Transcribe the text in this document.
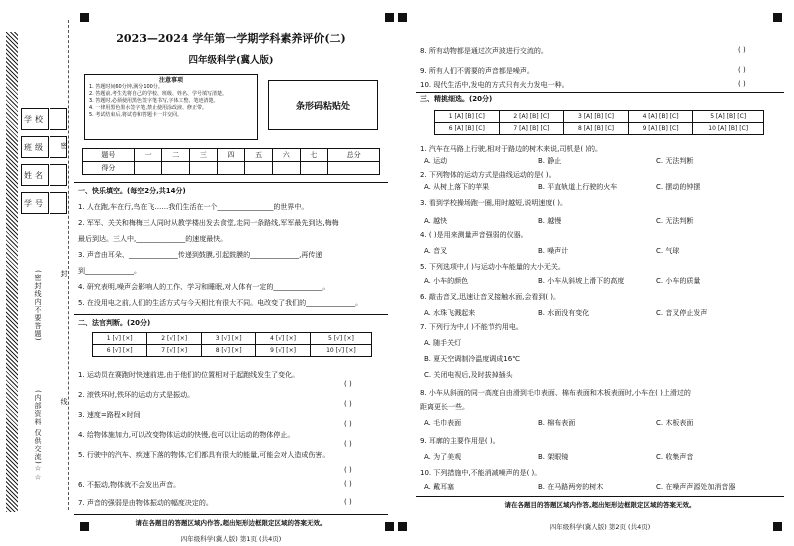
学校
班级
姓名
学号
密
封
线
(密封线内不要答题)
(内部资料 仅供交流)☆☆
2023—2024 学年第一学期学科素养评价(二)
四年级科学(冀人版)
注意事项
1. 答题时间60分钟,满分100分。
2. 答题前,考生先将自己的学校、班级、姓名、学号填写清楚。
3. 答题时,必须使用黑色签字笔书写,字体工整、笔迹清楚。
4. 一律用黑色墨水签字笔,禁止使用涂改液、修正带。
5. 考试结束后,将试卷和答题卡一并交回。
条形码粘贴处
题号	一	二	三	四	五	六	七	总分
得分								
一、快乐填空。(每空2分,共14分)
1. 人在跑,车在行,鸟在飞……我们生活在一个________________的世界中。
2. 军军、关关和梅梅三人同时从教学楼出发去食堂,走同一条路线,军军最先到达,梅梅
最后到达。三人中,______________的速度最快。
3. 声音由耳朵、______________传递到鼓膜,引起鼓膜的______________,再传递
到______________。
4. 研究表明,噪声会影响人的工作、学习和睡眠,对人体有一定的______________。
5. 在没用电之前,人们的生活方式与今天相比有很大不同。电改变了我们的______________。
二、法官判断。(20分)
1 [√] [×]	2 [√] [×]	3 [√] [×]	4 [√] [×]	5 [√] [×]
6 [√] [×]	7 [√] [×]	8 [√] [×]	9 [√] [×]	10 [√] [×]
1. 运动员在赛跑时快速前进,由于他们的位置相对于起跑线发生了变化。
( )
2. 滚铁环时,铁环的运动方式是振动。
( )
3. 速度=路程×时间
( )
4. 给物体施加力,可以改变物体运动的快慢,也可以让运动的物体停止。
( )
5. 行驶中的汽车、疾速下落的物体,它们都具有很大的能量,可能会对人造成伤害。
( )
6. 不振动,物体就不会发出声音。	( )
7. 声音的强弱是由物体振动的幅度决定的。	( )
请在各题目的答题区域内作答,超出矩形边框限定区域的答案无效。
四年级科学(冀人版) 第1页 (共4页)
8. 所有动物都是通过次声波进行交流的。	( )
9. 所有人们不需要的声音都是噪声。	( )
10. 现代生活中,发电的方式只有火力发电一种。	( )
三、精挑细选。(20分)
1 [A] [B] [C]	2 [A] [B] [C]	3 [A] [B] [C]	4 [A] [B] [C]	5 [A] [B] [C]
6 [A] [B] [C]	7 [A] [B] [C]	8 [A] [B] [C]	9 [A] [B] [C]	10 [A] [B] [C]
1. 汽车在马路上行驶,相对于路边的树木来说,司机是( )的。
A. 运动	B. 静止	C. 无法判断
2. 下列物体的运动方式是曲线运动的是( )。
A. 从树上落下的苹果	B. 平直轨道上行驶的火车	C. 摆动的钟摆
3. 看到学校操场跑一圈,用时越短,说明速度( )。
A. 越快	B. 越慢	C. 无法判断
4. ( )是用来测量声音强弱的仪器。
A. 音叉	B. 噪声计	C. 气球
5. 下列选项中,( )与运动小车能量的大小无关。
A. 小车的颜色	B. 小车从斜坡上滑下的高度	C. 小车的质量
6. 敲击音叉,迅速让音叉接触水面,会看到( )。
A. 水珠飞溅起来	B. 水面没有变化	C. 音叉停止发声
7. 下列行为中,( )不能节约用电。
A. 随手关灯
B. 夏天空调制冷温度调成16℃
C. 关闭电视后,及时拔掉插头
8. 小车从斜面的同一高度自由滑到毛巾表面、棉布表面和木板表面时,小车在( )上滑过的
距离更长一些。
A. 毛巾表面	B. 棉布表面	C. 木板表面
9. 耳廓的主要作用是( )。
A. 为了美观	B. 架眼镜	C. 收集声音
10. 下列措施中,不能消减噪声的是( )。
A. 戴耳塞	B. 在马路两旁的树木	C. 在噪声声源处加消音器
请在各题目的答题区域内作答,超出矩形边框限定区域的答案无效。
四年级科学(冀人版) 第2页 (共4页)
